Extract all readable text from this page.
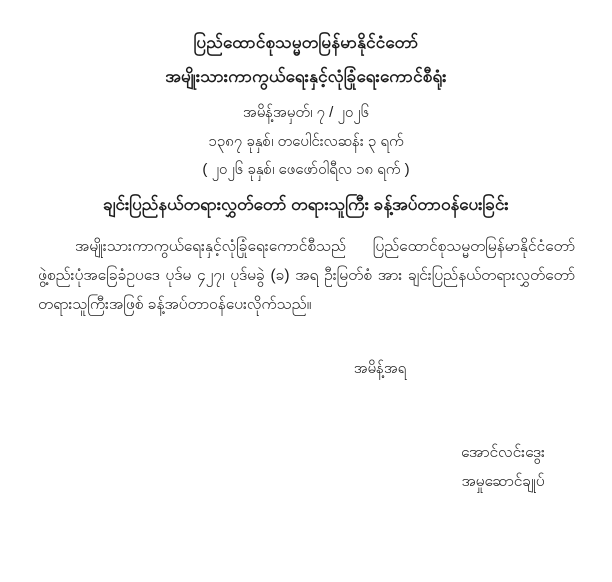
ပြည်ထောင်စုသမ္မတမြန်မာနိုင်ငံတော်
အမျိုးသားကာကွယ်ရေးနှင့်လုံခြုံရေးကောင်စီရုံး
အမိန့်အမှတ်၊ ၇ / ၂၀၂၆
၁၃၈၇ ခုနှစ်၊ တပေါင်းလဆန်း ၃ ရက်
( ၂၀၂၆ ခုနှစ်၊ ဖေဖော်ဝါရီလ ၁၈ ရက် )
ချင်းပြည်နယ်တရားလွှတ်တော် တရားသူကြီး ခန့်အပ်တာဝန်ပေးခြင်း

အမျိုးသားကာကွယ်ရေးနှင့်လုံခြုံရေးကောင်စီသည် ပြည်ထောင်စုသမ္မတမြန်မာနိုင်ငံတော် ဖွဲ့စည်းပုံအခြေခံဥပဒေ ပုဒ်မ ၄၂၇၊ ပုဒ်မခွဲ (ခ) အရ ဦးမြတ်စံ အား ချင်းပြည်နယ်တရားလွှတ်တော် တရားသူကြီးအဖြစ် ခန့်အပ်တာဝန်ပေးလိုက်သည်။

အမိန့်အရ
အောင်လင်းဒွေး
အမှုဆောင်ချုပ်
